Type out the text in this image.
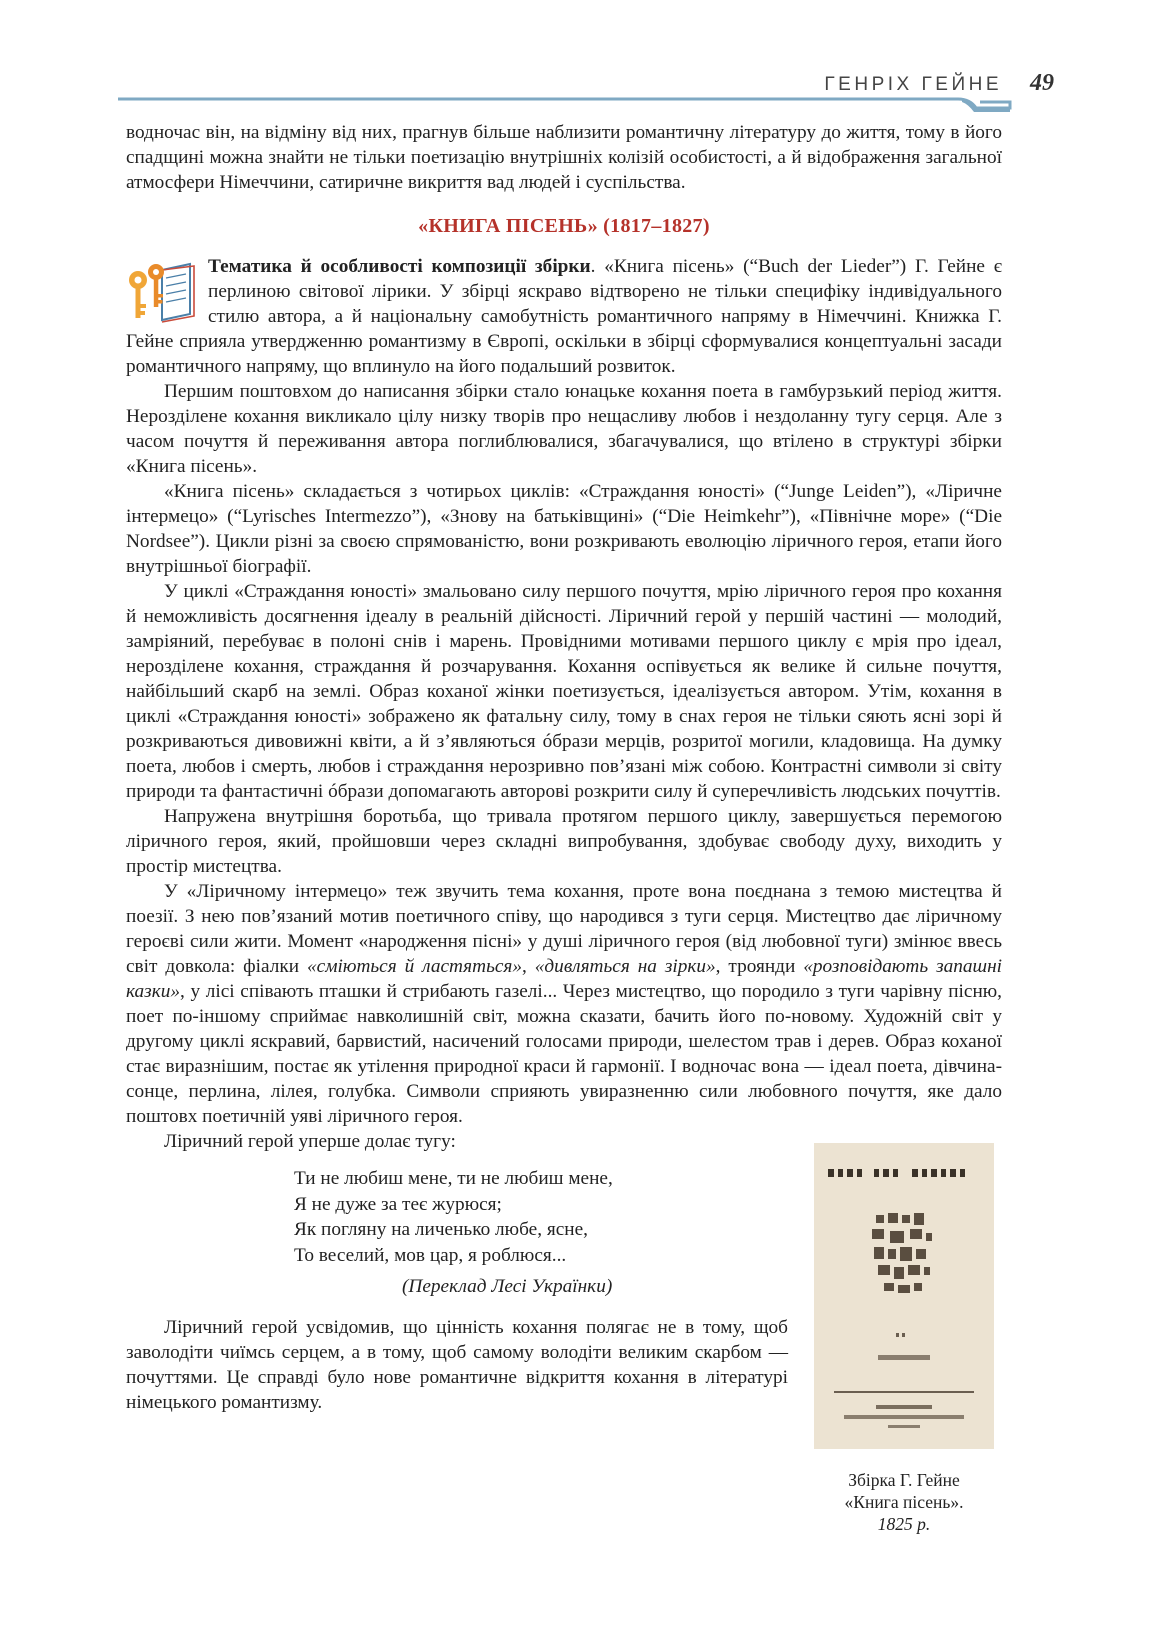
ГЕНРІХ ГЕЙНЕ 49

водночас він, на відміну від них, прагнув більше наблизити романтичну літературу до життя, тому в його спадщині можна знайти не тільки поетизацію внутрішніх колізій особистості, а й відображення загальної атмосфери Німеччини, сатиричне викриття вад людей і суспільства.

«КНИГА ПІСЕНЬ» (1817–1827)

Тематика й особливості композиції збірки. «Книга пісень» (“Buch der Lieder”) Г. Гейне є перлиною світової лірики. У збірці яскраво відтворено не тільки специфіку індивідуального стилю автора, а й національну самобутність романтичного напряму в Німеччині. Книжка Г. Гейне сприяла утвердженню романтизму в Європі, оскільки в збірці сформувалися концептуальні засади романтичного напряму, що вплинуло на його подальший розвиток.

Першим поштовхом до написання збірки стало юнацьке кохання поета в гамбурзький період життя. Нерозділене кохання викликало цілу низку творів про нещасливу любов і нездоланну тугу серця. Але з часом почуття й переживання автора поглиблювалися, збагачувалися, що втілено в структурі збірки «Книга пісень».

«Книга пісень» складається з чотирьох циклів: «Страждання юності» (“Junge Leiden”), «Ліричне інтермецо» (“Lyrisches Intermezzo”), «Знову на батьківщині» (“Die Heimkehr”), «Північне море» (“Die Nordsee”). Цикли різні за своєю спрямованістю, вони розкривають еволюцію ліричного героя, етапи його внутрішньої біографії.

У циклі «Страждання юності» змальовано силу першого почуття, мрію ліричного героя про кохання й неможливість досягнення ідеалу в реальній дійсності. Ліричний герой у першій частині — молодий, замріяний, перебуває в полоні снів і марень. Провідними мотивами першого циклу є мрія про ідеал, нерозділене кохання, страждання й розчарування. Кохання оспівується як велике й сильне почуття, найбільший скарб на землі. Образ коханої жінки поетизується, ідеалізується автором. Утім, кохання в циклі «Страждання юності» зображено як фатальну силу, тому в снах героя не тільки сяють ясні зорі й розкриваються дивовижні квіти, а й з’являються óбрази мерців, розритої могили, кладовища. На думку поета, любов і смерть, любов і страждання нерозривно пов’язані між собою. Контрастні символи зі світу природи та фантастичні óбрази допомагають авторові розкрити силу й суперечливість людських почуттів.

Напружена внутрішня боротьба, що тривала протягом першого циклу, завершується перемогою ліричного героя, який, пройшовши через складні випробування, здобуває свободу духу, виходить у простір мистецтва.

У «Ліричному інтермецо» теж звучить тема кохання, проте вона поєднана з темою мистецтва й поезії. З нею пов’язаний мотив поетичного співу, що народився з туги серця. Мистецтво дає ліричному героєві сили жити. Момент «народження пісні» у душі ліричного героя (від любовної туги) змінює ввесь світ довкола: фіалки «сміються й ластяться», «дивляться на зірки», троянди «розповідають запашні казки», у лісі співають пташки й стрибають газелі... Через мистецтво, що породило з туги чарівну пісню, поет по-іншому сприймає навколишній світ, можна сказати, бачить його по-новому. Художній світ у другому циклі яскравий, барвистий, насичений голосами природи, шелестом трав і дерев. Образ коханої стає виразнішим, постає як утілення природної краси й гармонії. І водночас вона — ідеал поета, дівчина-сонце, перлина, лілея, голубка. Символи сприяють увиразненню сили любовного почуття, яке дало поштовх поетичній уяві ліричного героя.

Збірка Г. Гейне
«Книга пісень».
1825 р.

Ліричний герой уперше долає тугу:

Ти не любиш мене, ти не любиш мене,
Я не дуже за теє журюся;
Як погляну на личенько любе, ясне,
То веселий, мов цар, я роблюся...
(Переклад Лесі Українки)

Ліричний герой усвідомив, що цінність кохання полягає не в тому, щоб заволодіти чиїмсь серцем, а в тому, щоб самому володіти великим скарбом — почуттями. Це справді було нове романтичне відкриття кохання в літературі німецького романтизму.
